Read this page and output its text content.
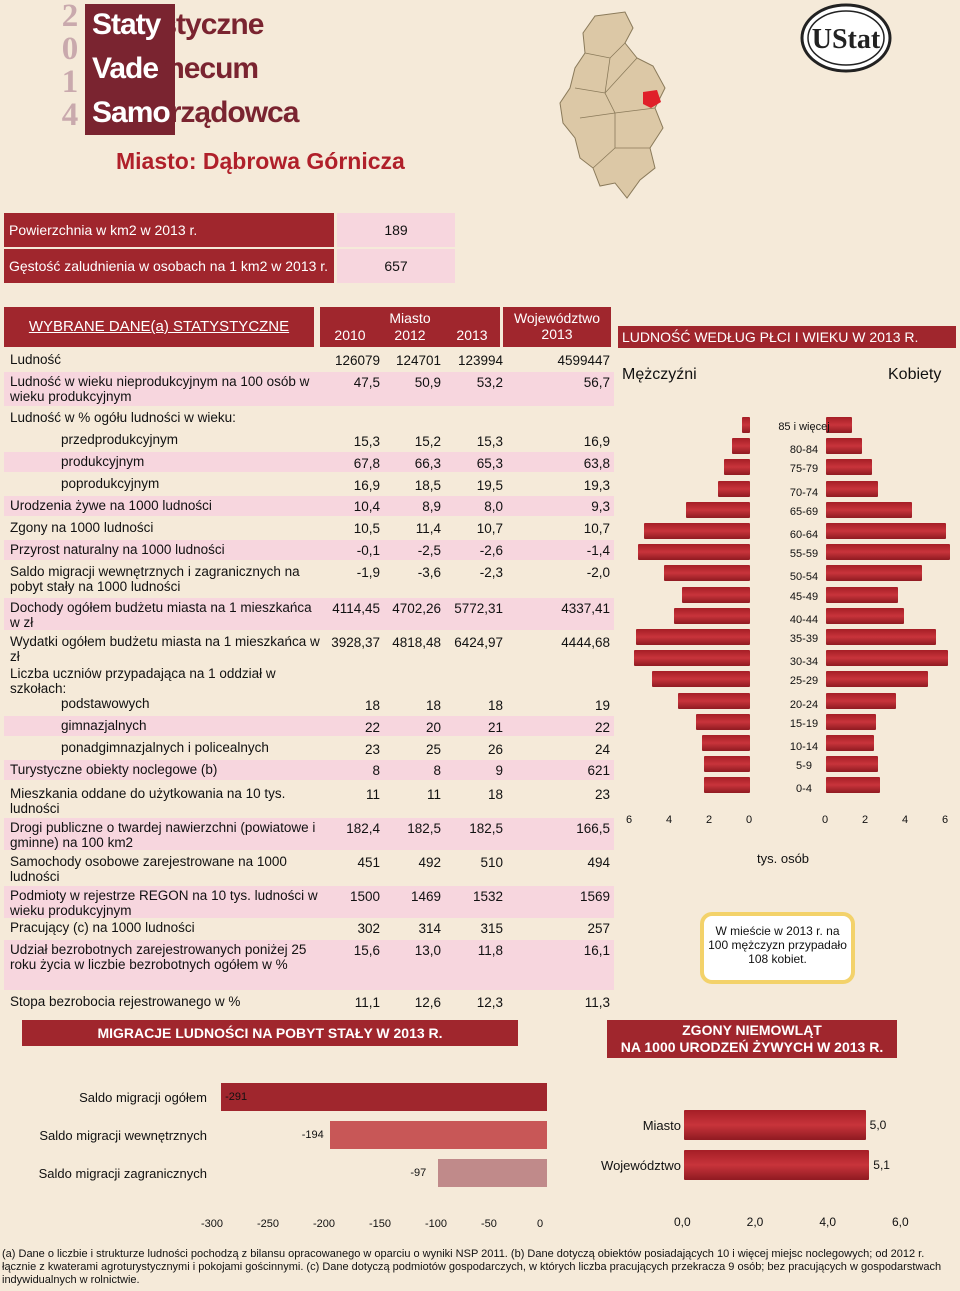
2
0
1
4
Statystyczne
Vademecum
Samorządowca
Miasto: Dąbrowa Górnicza
UStat
Powierzchnia w km2 w 2013 r.	189
Gęstość zaludnienia w osobach na 1 km2 w 2013 r.	657
WYBRANE DANE(a) STATYSTYCZNE	Miasto
2010	2012	2013
Województwo
2013
Ludność	126079	124701	123994	4599447
Ludność w wieku nieprodukcyjnym na 100 osób w wieku produkcyjnym
47,5	50,9	53,2	56,7
Ludność w % ogółu ludności w wieku:
przedprodukcyjnym	15,3	15,2	15,3	16,9
produkcyjnym	67,8	66,3	65,3	63,8
poprodukcyjnym	16,9	18,5	19,5	19,3
Urodzenia żywe na 1000 ludności	10,4	8,9	8,0	9,3
Zgony na 1000 ludności	10,5	11,4	10,7	10,7
Przyrost naturalny na 1000 ludności	-0,1	-2,5	-2,6	-1,4
Saldo migracji wewnętrznych i zagranicznych na pobyt stały na 1000 ludności
-1,9	-3,6	-2,3	-2,0
Dochody ogółem budżetu miasta na 1 mieszkańca w zł
4114,45 4702,26 5772,31	4337,41
Wydatki ogółem budżetu miasta na 1 mieszkańca w zł
3928,37 4818,48 6424,97	4444,68
Liczba uczniów przypadająca na 1 oddział w szkołach:
podstawowych	18	18	18	19
gimnazjalnych	22	20	21	22
ponadgimnazjalnych i policealnych	23	25	26	24
Turystyczne obiekty noclegowe (b)	8	8	9	621
Mieszkania oddane do użytkowania na 10 tys. ludności
11	11	18	23
Drogi publiczne o twardej nawierzchni (powiatowe i gminne) na 100 km2
182,4	182,5	182,5	166,5
Samochody osobowe zarejestrowane na 1000 ludności
451	492	510	494
Podmioty w rejestrze REGON na 10 tys. ludności w wieku produkcyjnym
1500	1469	1532	1569
Pracujący (c) na 1000 ludności	302	314	315	257
Udział bezrobotnych zarejestrowanych poniżej 25 roku życia w liczbie bezrobotnych ogółem w %
15,6	13,0	11,8	16,1
Stopa bezrobocia rejestrowanego w %	11,1	12,6	12,3	11,3
LUDNOŚĆ WEDŁUG PŁCI I WIEKU W 2013 R.
Mężczyźni	Kobiety
85 i więcej
80-84
75-79
70-74
65-69
60-64
55-59
50-54
45-49
40-44
35-39
30-34
25-29
20-24
15-19
10-14
5-9
0-4
6	4	2	0	0	2	4	6
tys. osób
W mieście w 2013 r. na 100 mężczyzn przypadało 108 kobiet.
MIGRACJE LUDNOŚCI NA POBYT STAŁY W 2013 R.
Saldo migracji ogółem -291
Saldo migracji wewnętrznych	-194
Saldo migracji zagranicznych	-97
-300	-250	-200	-150	-100	-50	0
ZGONY NIEMOWLĄT
NA 1000 URODZEŃ ŻYWYCH W 2013 R.
Miasto	5,0
Województwo	5,1
0,0	2,0	4,0	6,0
(a) Dane o liczbie i strukturze ludności pochodzą z bilansu opracowanego w oparciu o wyniki NSP 2011. (b) Dane dotyczą obiektów posiadających 10 i więcej miejsc noclegowych; od 2012 r. łącznie z kwaterami agroturystycznymi i pokojami gościnnymi. (c) Dane dotyczą podmiotów gospodarczych, w których liczba pracujących przekracza 9 osób; bez pracujących w gospodarstwach indywidualnych w rolnictwie.
